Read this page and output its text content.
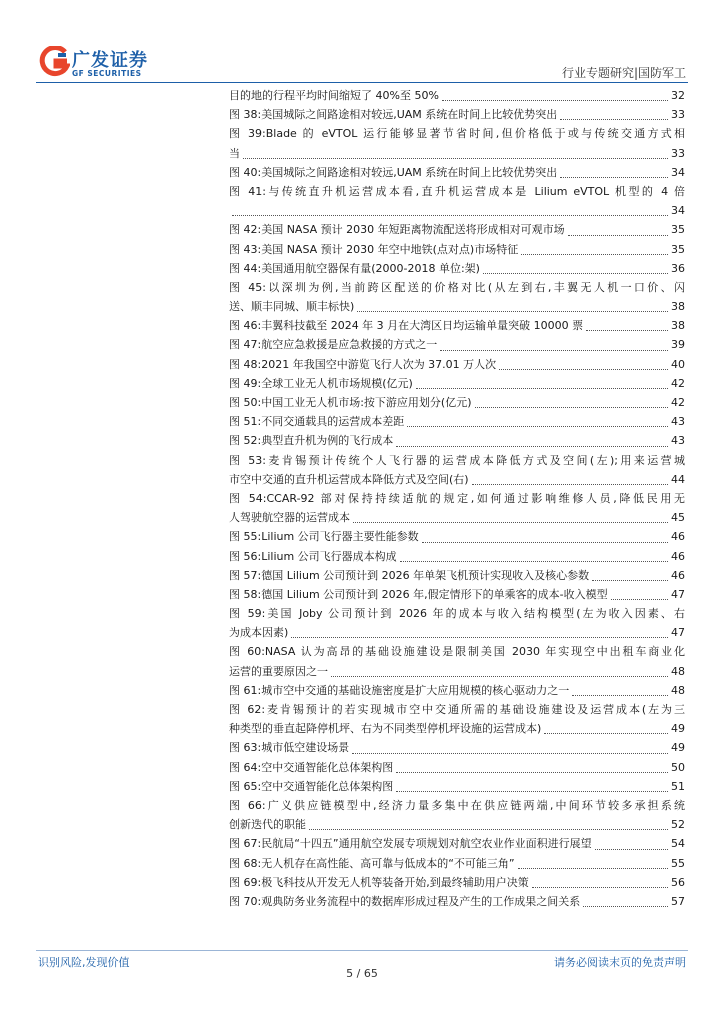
广发证券
GF SECURITIES	行业专题研究|国防军工
目的地的行程平均时间缩短了 40%至 50%	32
图 38:美国城际之间路途相对较远,UAM 系统在时间上比较优势突出	33
图 39:Blade 的 eVTOL 运行能够显著节省时间,但价格低于或与传统交通方式相
当	33
图 40:美国城际之间路途相对较远,UAM 系统在时间上比较优势突出	34
图 41:与传统直升机运营成本看,直升机运营成本是 Lilium eVTOL 机型的 4 倍
34
图 42:美国 NASA 预计 2030 年短距离物流配送将形成相对可观市场	35
图 43:美国 NASA 预计 2030 年空中地铁(点对点)市场特征	35
图 44:美国通用航空器保有量(2000-2018 单位:架)	36
图 45:以深圳为例,当前跨区配送的价格对比(从左到右,丰翼无人机一口价、闪
送、顺丰同城、顺丰标快)	38
图 46:丰翼科技截至 2024 年 3 月在大湾区日均运输单量突破 10000 票	38
图 47:航空应急救援是应急救援的方式之一	39
图 48:2021 年我国空中游览飞行人次为 37.01 万人次	40
图 49:全球工业无人机市场规模(亿元)	42
图 50:中国工业无人机市场:按下游应用划分(亿元)	42
图 51:不同交通载具的运营成本差距	43
图 52:典型直升机为例的飞行成本	43
图 53:麦肯锡预计传统个人飞行器的运营成本降低方式及空间(左);用来运营城
市空中交通的直升机运营成本降低方式及空间(右)	44
图 54:CCAR-92 部对保持持续适航的规定,如何通过影响维修人员,降低民用无
人驾驶航空器的运营成本	45
图 55:Lilium 公司飞行器主要性能参数	46
图 56:Lilium 公司飞行器成本构成	46
图 57:德国 Lilium 公司预计到 2026 年单架飞机预计实现收入及核心参数	46
图 58:德国 Lilium 公司预计到 2026 年,假定情形下的单乘客的成本-收入模型	47
图 59:美国 Joby 公司预计到 2026 年的成本与收入结构模型(左为收入因素、右
为成本因素)	47
图 60:NASA 认为高昂的基础设施建设是限制美国 2030 年实现空中出租车商业化
运营的重要原因之一	48
图 61:城市空中交通的基础设施密度是扩大应用规模的核心驱动力之一	48
图 62:麦肯锡预计的若实现城市空中交通所需的基础设施建设及运营成本(左为三
种类型的垂直起降停机坪、右为不同类型停机坪设施的运营成本)	49
图 63:城市低空建设场景	49
图 64:空中交通智能化总体架构图	50
图 65:空中交通智能化总体架构图	51
图 66:广义供应链模型中,经济力量多集中在供应链两端,中间环节较多承担系统
创新迭代的职能	52
图 67:民航局“十四五”通用航空发展专项规划对航空农业作业面积进行展望	54
图 68:无人机存在高性能、高可靠与低成本的“不可能三角”	55
图 69:极飞科技从开发无人机等装备开始,到最终辅助用户决策	56
图 70:观典防务业务流程中的数据库形成过程及产生的工作成果之间关系	57
识别风险,发现价值	请务必阅读末页的免责声明
5 / 65
